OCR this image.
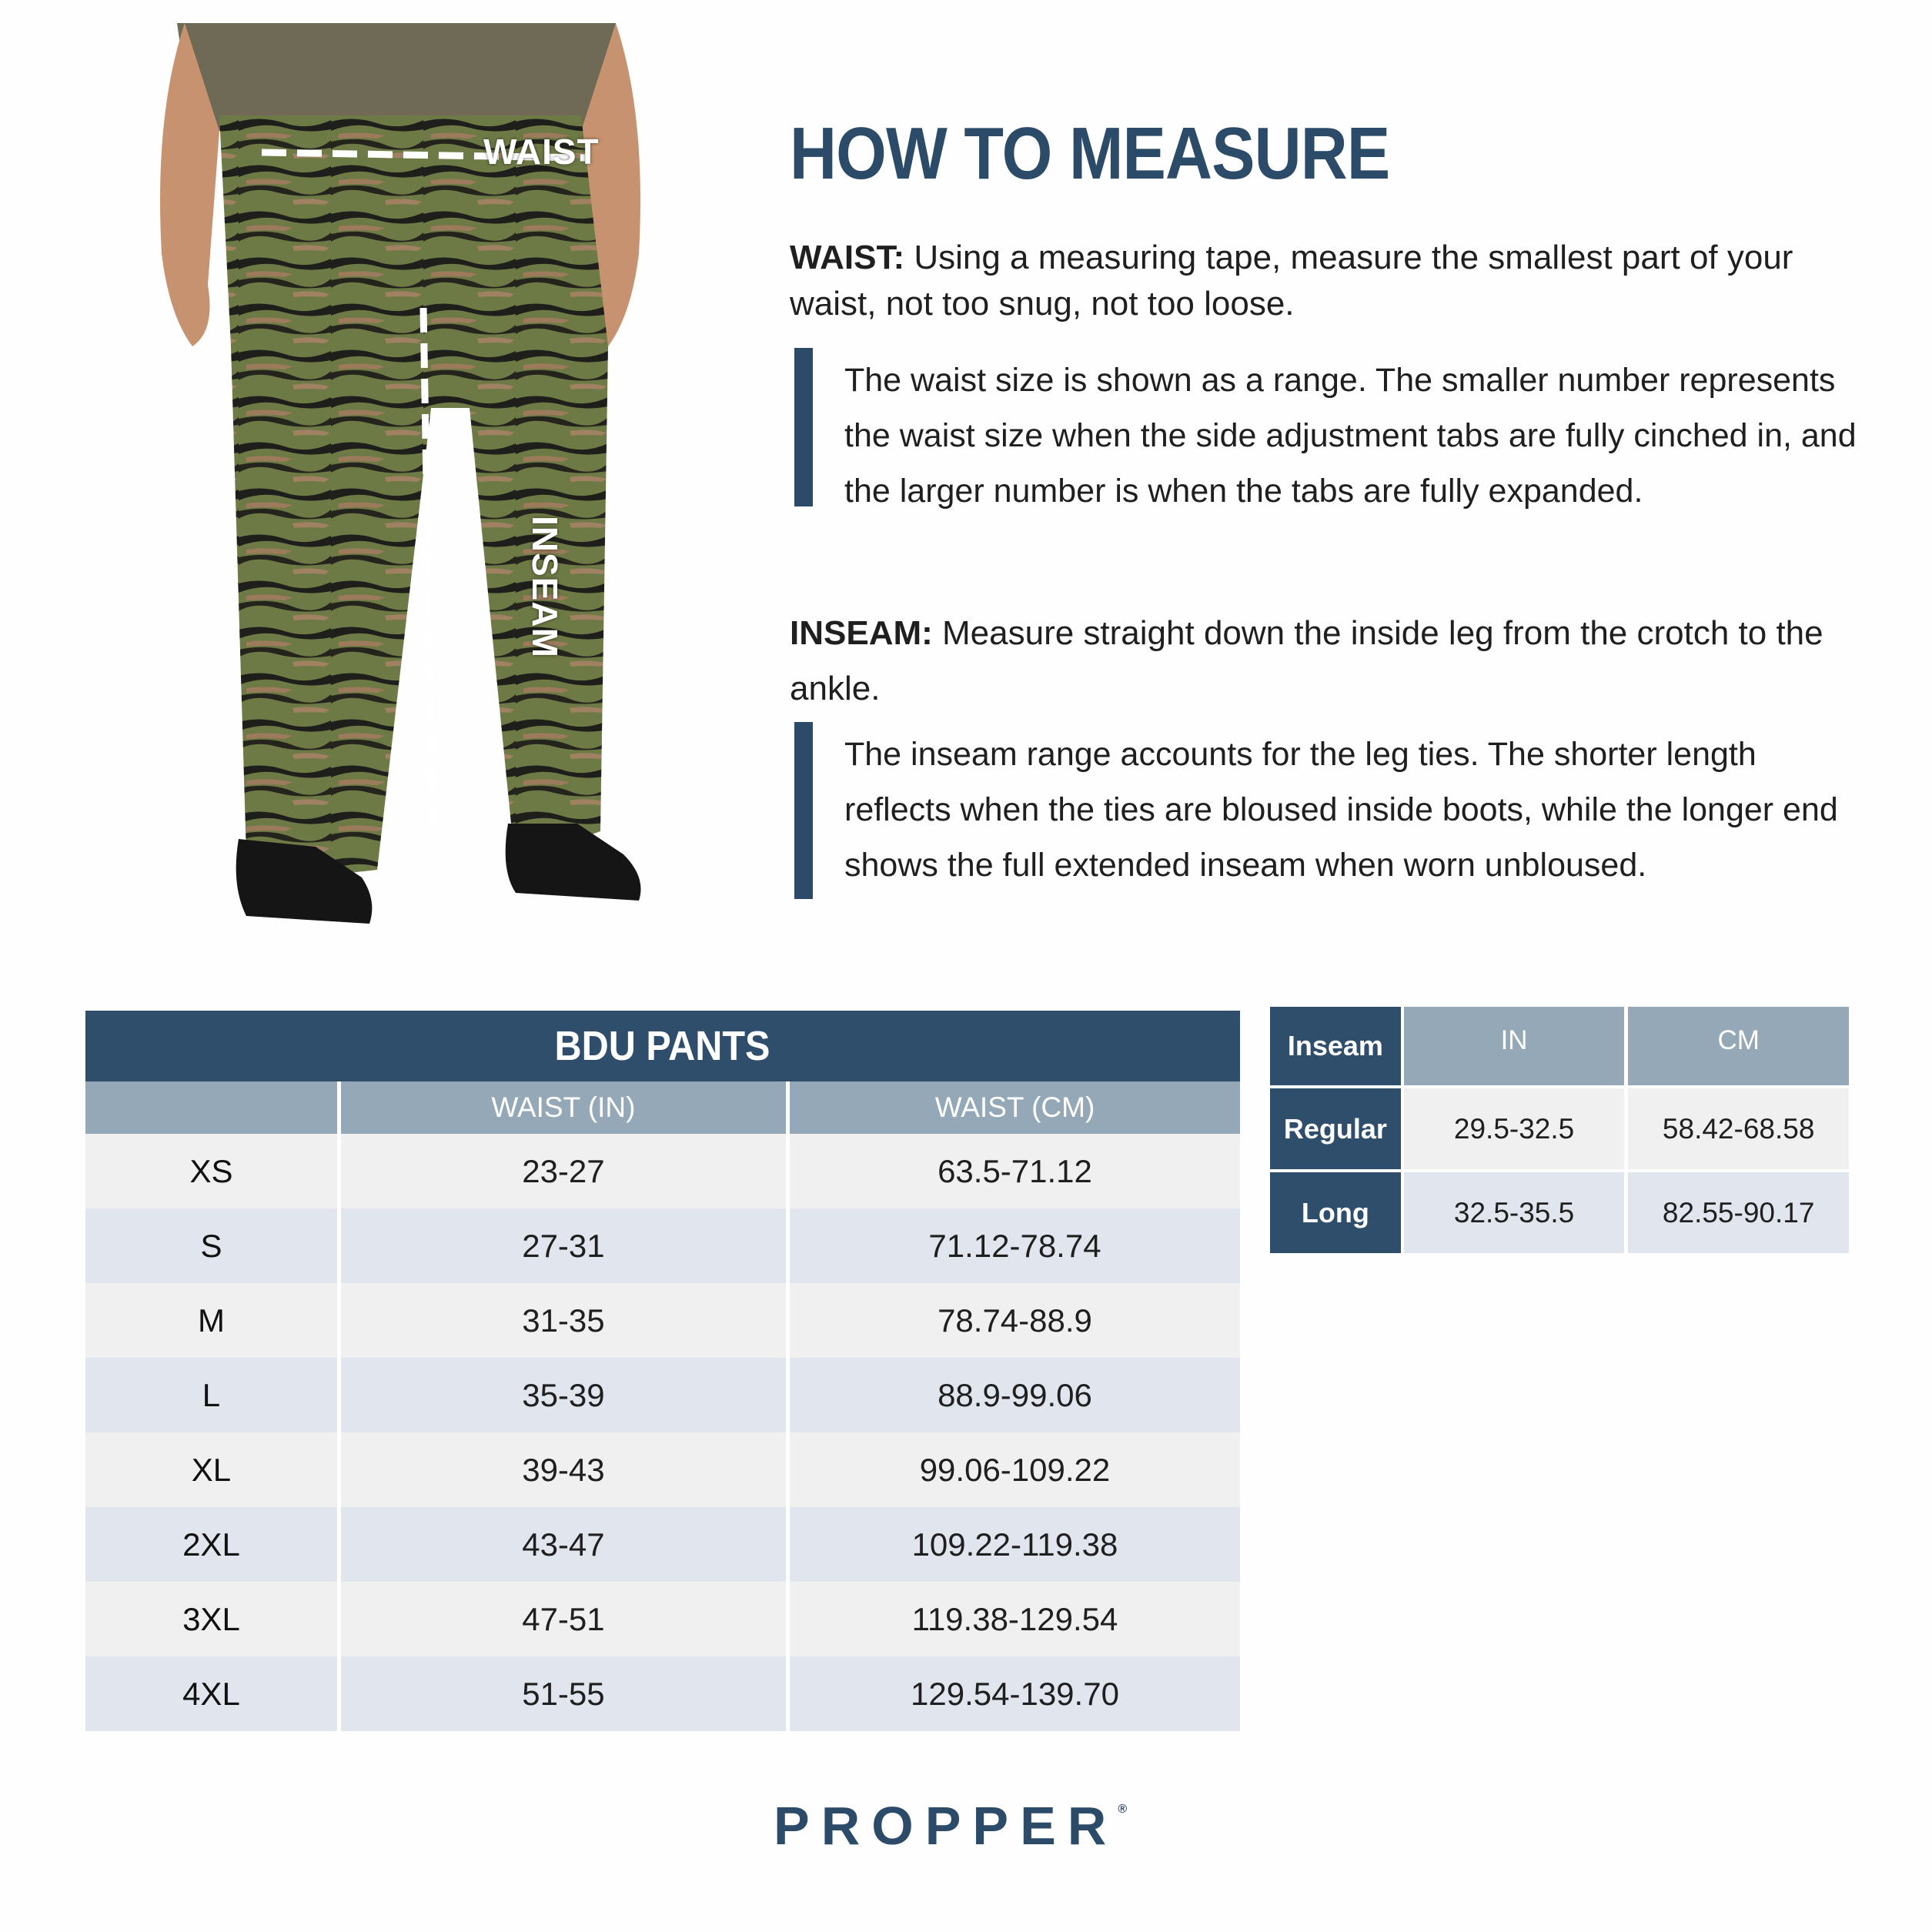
WAIST
INSEAM
HOW TO MEASURE
WAIST: Using a measuring tape, measure the smallest part of your waist, not too snug, not too loose.
The waist size is shown as a range. The smaller number represents the waist size when the side adjustment tabs are fully cinched in, and the larger number is when the tabs are fully expanded.
INSEAM: Measure straight down the inside leg from the crotch to the ankle.
The inseam range accounts for the leg ties. The shorter length reflects when the ties are bloused inside boots, while the longer end shows the full extended inseam when worn unbloused.
BDU PANTS
WAIST (IN)	WAIST (CM)
XS	23-27	63.5-71.12
S	27-31	71.12-78.74
M	31-35	78.74-88.9
L	35-39	88.9-99.06
XL	39-43	99.06-109.22
2XL	43-47	109.22-119.38
3XL	47-51	119.38-129.54
4XL	51-55	129.54-139.70
Inseam	IN	CM
Regular	29.5-32.5	58.42-68.58
Long	32.5-35.5	82.55-90.17
PROPPER®
